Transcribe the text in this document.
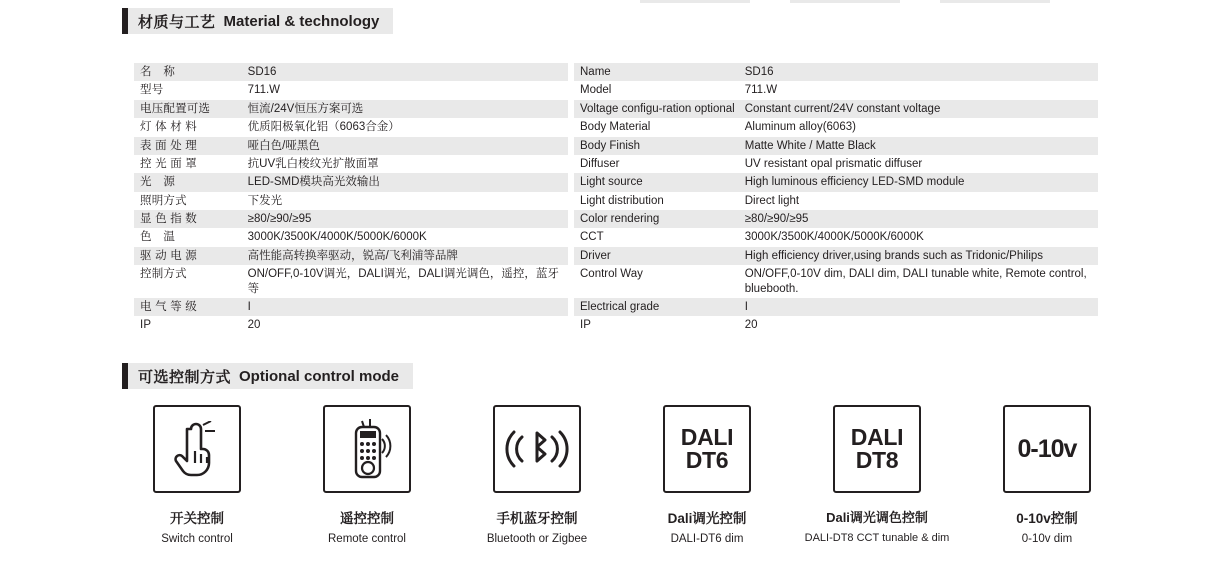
材质与工艺 Material & technology
名　称	SD16
型号	711.W
电压配置可选	恒流/24V恒压方案可选
灯 体 材 料	优质阳极氧化铝（6063合金）
表 面 处 理	哑白色/哑黑色
控 光 面 罩	抗UV乳白棱纹光扩散面罩
光　源	LED-SMD模块高光效输出
照明方式	下发光
显 色 指 数	≥80/≥90/≥95
色　温	3000K/3500K/4000K/5000K/6000K
驱 动 电 源	高性能高转换率驱动，锐高/飞利浦等品牌
控制方式	ON/OFF,0-10V调光，DALI调光，DALI调光调色，遥控，蓝牙等
电 气 等 级	I
IP	20
Name	SD16
Model	711.W
Voltage configu-ration optional	Constant current/24V constant voltage
Body Material	Aluminum alloy(6063)
Body Finish	Matte White / Matte Black
Diffuser	UV resistant opal prismatic diffuser
Light source	High luminous efficiency LED-SMD module
Light distribution	Direct light
Color rendering	≥80/≥90/≥95
CCT	3000K/3500K/4000K/5000K/6000K
Driver	High efficiency driver,using brands such as Tridonic/Philips
Control Way	ON/OFF,0-10V dim, DALI dim, DALI tunable white, Remote control, bluebooth.
Electrical grade	I
IP	20
可选控制方式 Optional control mode
开关控制
Switch control
遥控控制
Remote control
手机蓝牙控制
Bluetooth or Zigbee
DALI
DT6
Dali调光控制
DALI-DT6 dim
DALI
DT8
Dali调光调色控制
DALI-DT8 CCT tunable & dim
0-10v
0-10v控制
0-10v dim
